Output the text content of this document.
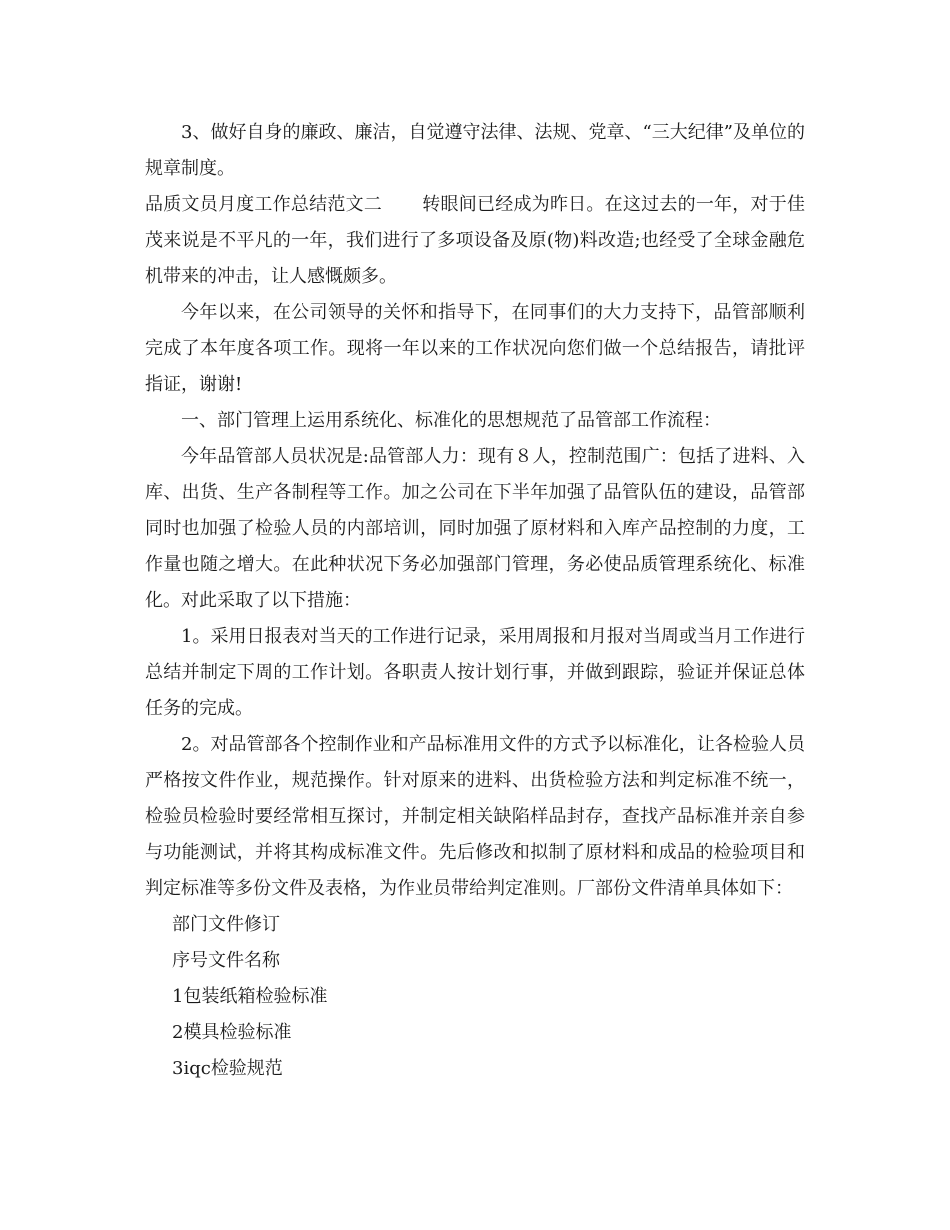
3、做好自身的廉政、廉洁，自觉遵守法律、法规、党章、“三大纪律”及单位的规章制度。

品质文员月度工作总结范文二 转眼间已经成为昨日。在这过去的一年，对于佳茂来说是不平凡的一年，我们进行了多项设备及原(物)料改造;也经受了全球金融危机带来的冲击，让人感慨颇多。

今年以来，在公司领导的关怀和指导下，在同事们的大力支持下，品管部顺利完成了本年度各项工作。现将一年以来的工作状况向您们做一个总结报告，请批评指证，谢谢!

一、部门管理上运用系统化、标准化的思想规范了品管部工作流程：

今年品管部人员状况是:品管部人力：现有８人，控制范围广：包括了进料、入库、出货、生产各制程等工作。加之公司在下半年加强了品管队伍的建设，品管部同时也加强了检验人员的内部培训，同时加强了原材料和入库产品控制的力度，工作量也随之增大。在此种状况下务必加强部门管理，务必使品质管理系统化、标准化。对此采取了以下措施：

1。采用日报表对当天的工作进行记录，采用周报和月报对当周或当月工作进行总结并制定下周的工作计划。各职责人按计划行事，并做到跟踪，验证并保证总体任务的完成。

2。对品管部各个控制作业和产品标准用文件的方式予以标准化，让各检验人员严格按文件作业，规范操作。针对原来的进料、出货检验方法和判定标准不统一，检验员检验时要经常相互探讨，并制定相关缺陷样品封存，查找产品标准并亲自参与功能测试，并将其构成标准文件。先后修改和拟制了原材料和成品的检验项目和判定标准等多份文件及表格，为作业员带给判定准则。厂部份文件清单具体如下：

部门文件修订

序号文件名称

1包装纸箱检验标准

2模具检验标准

3iqc检验规范
